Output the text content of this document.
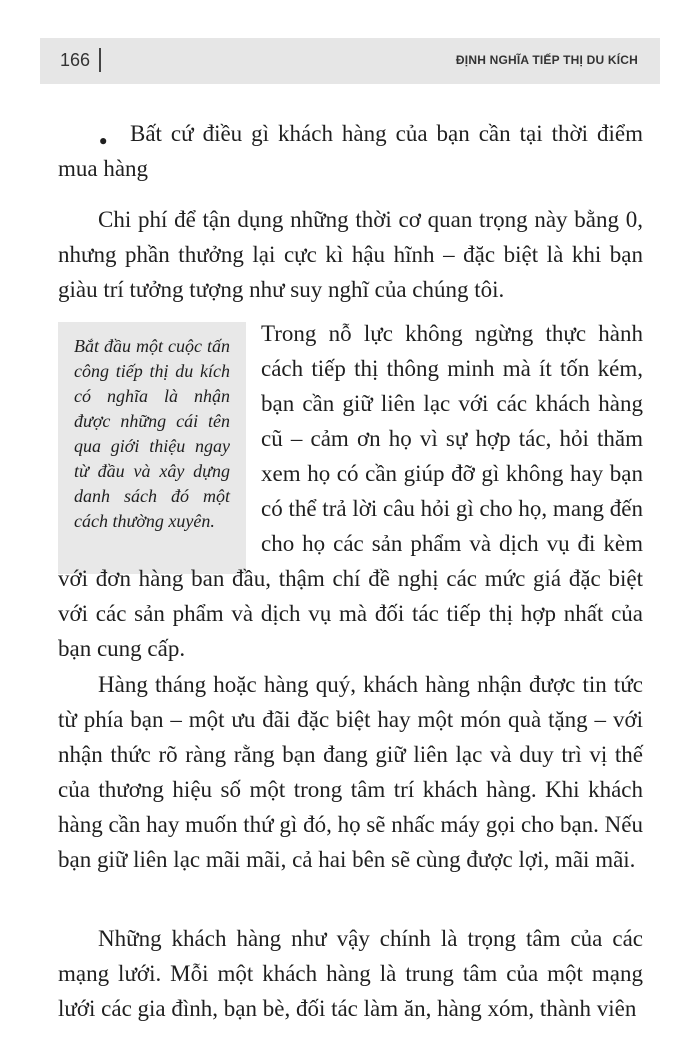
166	ĐỊNH NGHĨA TIẾP THỊ DU KÍCH
• Bất cứ điều gì khách hàng của bạn cần tại thời điểm mua hàng

Chi phí để tận dụng những thời cơ quan trọng này bằng 0, nhưng phần thưởng lại cực kì hậu hĩnh – đặc biệt là khi bạn giàu trí tưởng tượng như suy nghĩ của chúng tôi.

Bắt đầu một cuộc tấn công tiếp thị du kích có nghĩa là nhận được những cái tên qua giới thiệu ngay từ đầu và xây dựng danh sách đó một cách thường xuyên.

Trong nỗ lực không ngừng thực hành cách tiếp thị thông minh mà ít tốn kém, bạn cần giữ liên lạc với các khách hàng cũ – cảm ơn họ vì sự hợp tác, hỏi thăm xem họ có cần giúp đỡ gì không hay bạn có thể trả lời câu hỏi gì cho họ, mang đến cho họ các sản phẩm và dịch vụ đi kèm với đơn hàng ban đầu, thậm chí đề nghị các mức giá đặc biệt với các sản phẩm và dịch vụ mà đối tác tiếp thị hợp nhất của bạn cung cấp.

Hàng tháng hoặc hàng quý, khách hàng nhận được tin tức từ phía bạn – một ưu đãi đặc biệt hay một món quà tặng – với nhận thức rõ ràng rằng bạn đang giữ liên lạc và duy trì vị thế của thương hiệu số một trong tâm trí khách hàng. Khi khách hàng cần hay muốn thứ gì đó, họ sẽ nhấc máy gọi cho bạn. Nếu bạn giữ liên lạc mãi mãi, cả hai bên sẽ cùng được lợi, mãi mãi.

Những khách hàng như vậy chính là trọng tâm của các mạng lưới. Mỗi một khách hàng là trung tâm của một mạng lưới các gia đình, bạn bè, đối tác làm ăn, hàng xóm, thành viên
